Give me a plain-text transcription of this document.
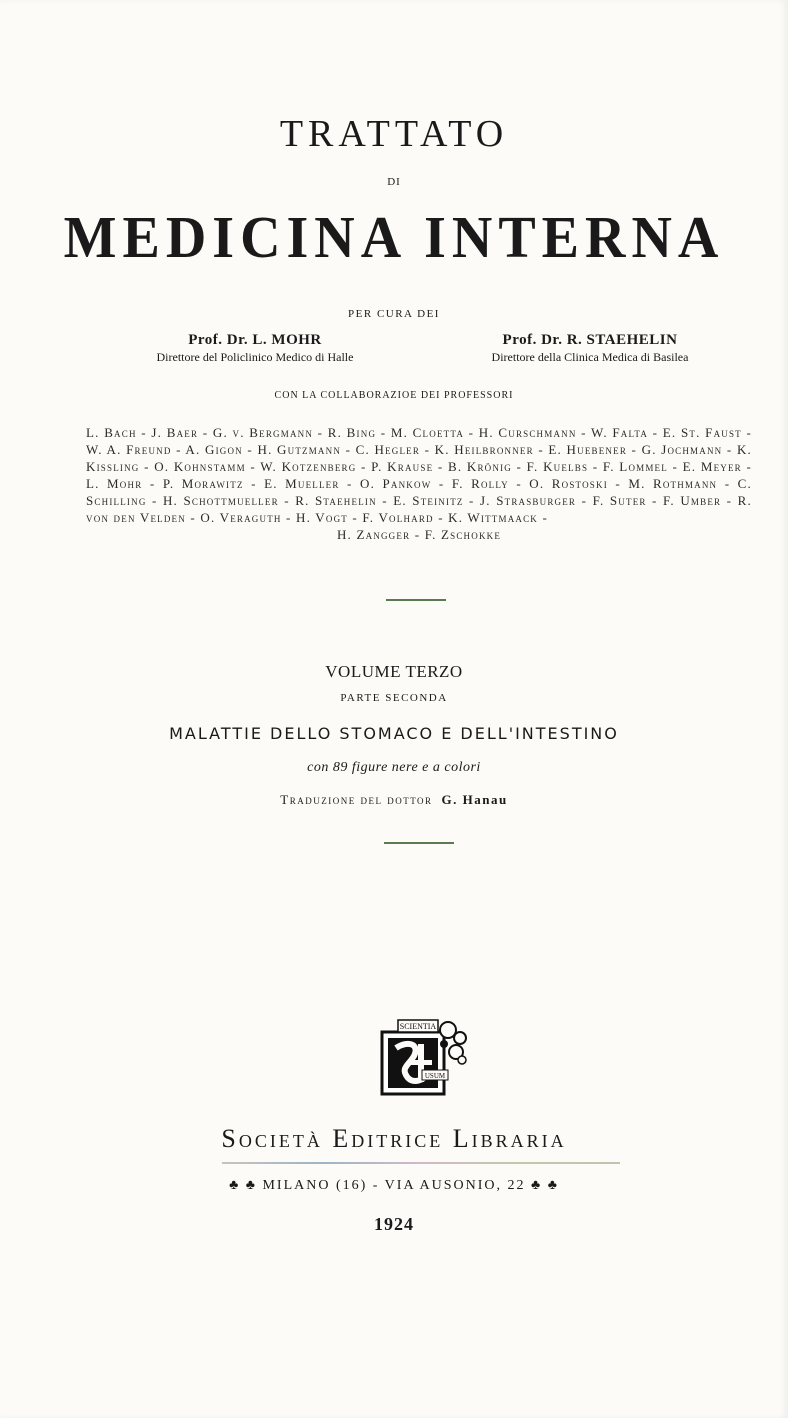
TRATTATO
DI
MEDICINA INTERNA
PER CURA DEI
Prof. Dr. L. MOHR
Direttore del Policlinico Medico di Halle
Prof. Dr. R. STAEHELIN
Direttore della Clinica Medica di Basilea
CON LA COLLABORAZIOE DEI PROFESSORI
L. Bach - J. Baer - G. v. Bergmann - R. Bing - M. Cloetta - H. Curschmann - W. Falta - E. St. Faust - W. A. Freund - A. Gigon - H. Gutzmann - C. Hegler - K. Heilbronner - E. Huebener - G. Jochmann - K. Kissling - O. Kohnstamm - W. Kotzenberg - P. Krause - B. Krönig - F. Kuelbs - F. Lommel - E. Meyer - L. Mohr - P. Morawitz - E. Mueller - O. Pankow - F. Rolly - O. Rostoski - M. Rothmann - C. Schilling - H. Schottmueller - R. Staehelin - E. Steinitz - J. Strasburger - F. Suter - F. Umber - R. von den Velden - O. Veraguth - H. Vogt - F. Volhard - K. Wittmaack -
H. Zangger - F. Zschokke
VOLUME TERZO
PARTE SECONDA
MALATTIE DELLO STOMACO E DELL'INTESTINO
con 89 figure nere e a colori
Traduzione del dottor G. Hanau
SCIENTIA
USUM
Società Editrice Libraria
♣ ♣ MILANO (16) - VIA AUSONIO, 22 ♣ ♣
1924
